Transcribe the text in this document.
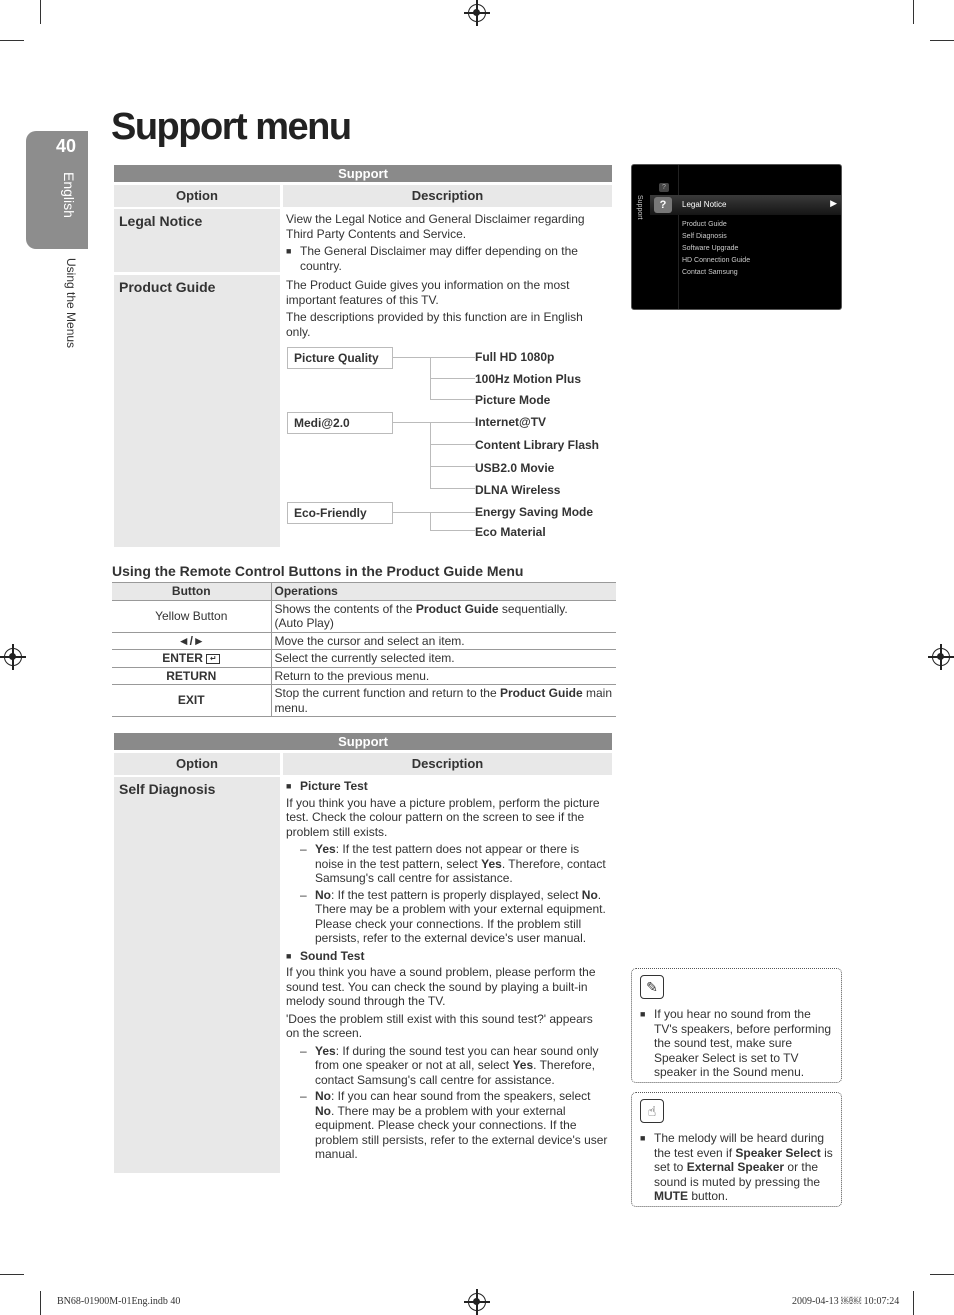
40
English
Using the Menus
Support menu
Support
Option	Description
Legal Notice	View the Legal Notice and General Disclaimer regarding Third Party Contents and Service.

■ The General Disclaimer may differ depending on the country.
Product Guide	The Product Guide gives you information on the most important features of this TV.

The descriptions provided by this function are in English only.

Picture Quality
Medi@2.0
Eco-Friendly
Full HD 1080p
100Hz Motion Plus
Picture Mode
Internet@TV
Content Library Flash
USB2.0 Movie
DLNA Wireless
Energy Saving Mode
Eco Material
Using the Remote Control Buttons in the Product Guide Menu
Button	Operations
Yellow Button	Shows the contents of the Product Guide sequentially.
(Auto Play)
◄/►	Move the cursor and select an item.
ENTER ↵	Select the currently selected item.
RETURN	Return to the previous menu.
EXIT	Stop the current function and return to the Product Guide main menu.
Support
Option	Description
Self Diagnosis	■ Picture Test

If you think you have a picture problem, perform the picture test. Check the colour pattern on the screen to see if the problem still exists.

– Yes: If the test pattern does not appear or there is noise in the test pattern, select Yes. Therefore, contact Samsung's call centre for assistance.
– No: If the test pattern is properly displayed, select No. There may be a problem with your external equipment. Please check your connections. If the problem still persists, refer to the external device's user manual.
■ Sound Test

If you think you have a sound problem, please perform the sound test. You can check the sound by playing a built-in melody sound through the TV.

'Does the problem still exist with this sound test?' appears on the screen.

– Yes: If during the sound test you can hear sound only from one speaker or not at all, select Yes. Therefore, contact Samsung's call centre for assistance.
– No: If you can hear sound from the speakers, select No. There may be a problem with your external equipment. Please check your connections. If the problem still persists, refer to the external device's user manual.
Support
?
?	Legal Notice	▶
Product Guide
Self Diagnosis
Software Upgrade
HD Connection Guide
Contact Samsung
✎
■ If you hear no sound from the TV's speakers, before performing the sound test, make sure Speaker Select is set to TV speaker in the Sound menu.
☝
■ The melody will be heard during the test even if Speaker Select is set to External Speaker or the sound is muted by pressing the MUTE button.
BN68-01900M-01Eng.indb 40	2009-04-13 ￼￼ 10:07:24
